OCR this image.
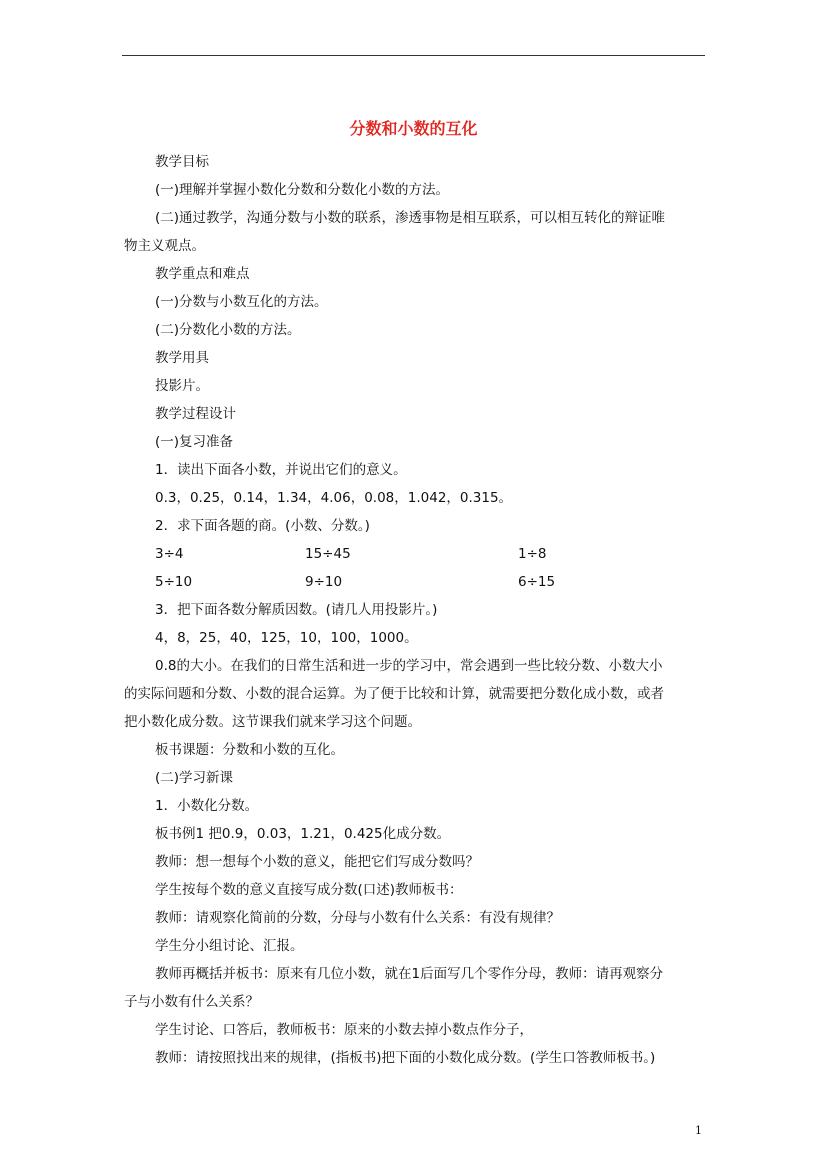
分数和小数的互化
教学目标
(一)理解并掌握小数化分数和分数化小数的方法。
(二)通过教学，沟通分数与小数的联系，渗透事物是相互联系，可以相互转化的辩证唯
物主义观点。
教学重点和难点
(一)分数与小数互化的方法。
(二)分数化小数的方法。
教学用具
投影片。
教学过程设计
(一)复习准备
1．读出下面各小数，并说出它们的意义。
0.3，0.25，0.14，1.34，4.06，0.08，1.042，0.315。
2．求下面各题的商。(小数、分数。)
3÷4	15÷45	1÷8
5÷10	9÷10	6÷15
3．把下面各数分解质因数。(请几人用投影片。)
4，8，25，40，125，10，100，1000。
0.8的大小。在我们的日常生活和进一步的学习中，常会遇到一些比较分数、小数大小
的实际问题和分数、小数的混合运算。为了便于比较和计算，就需要把分数化成小数，或者
把小数化成分数。这节课我们就来学习这个问题。
板书课题：分数和小数的互化。
(二)学习新课
1．小数化分数。
板书例1 把0.9，0.03，1.21，0.425化成分数。
教师：想一想每个小数的意义，能把它们写成分数吗？
学生按每个数的意义直接写成分数(口述)教师板书：
教师：请观察化简前的分数，分母与小数有什么关系：有没有规律？
学生分小组讨论、汇报。
教师再概括并板书：原来有几位小数，就在1后面写几个零作分母，教师：请再观察分
子与小数有什么关系？
学生讨论、口答后，教师板书：原来的小数去掉小数点作分子，
教师：请按照找出来的规律，(指板书)把下面的小数化成分数。(学生口答教师板书。)
1
